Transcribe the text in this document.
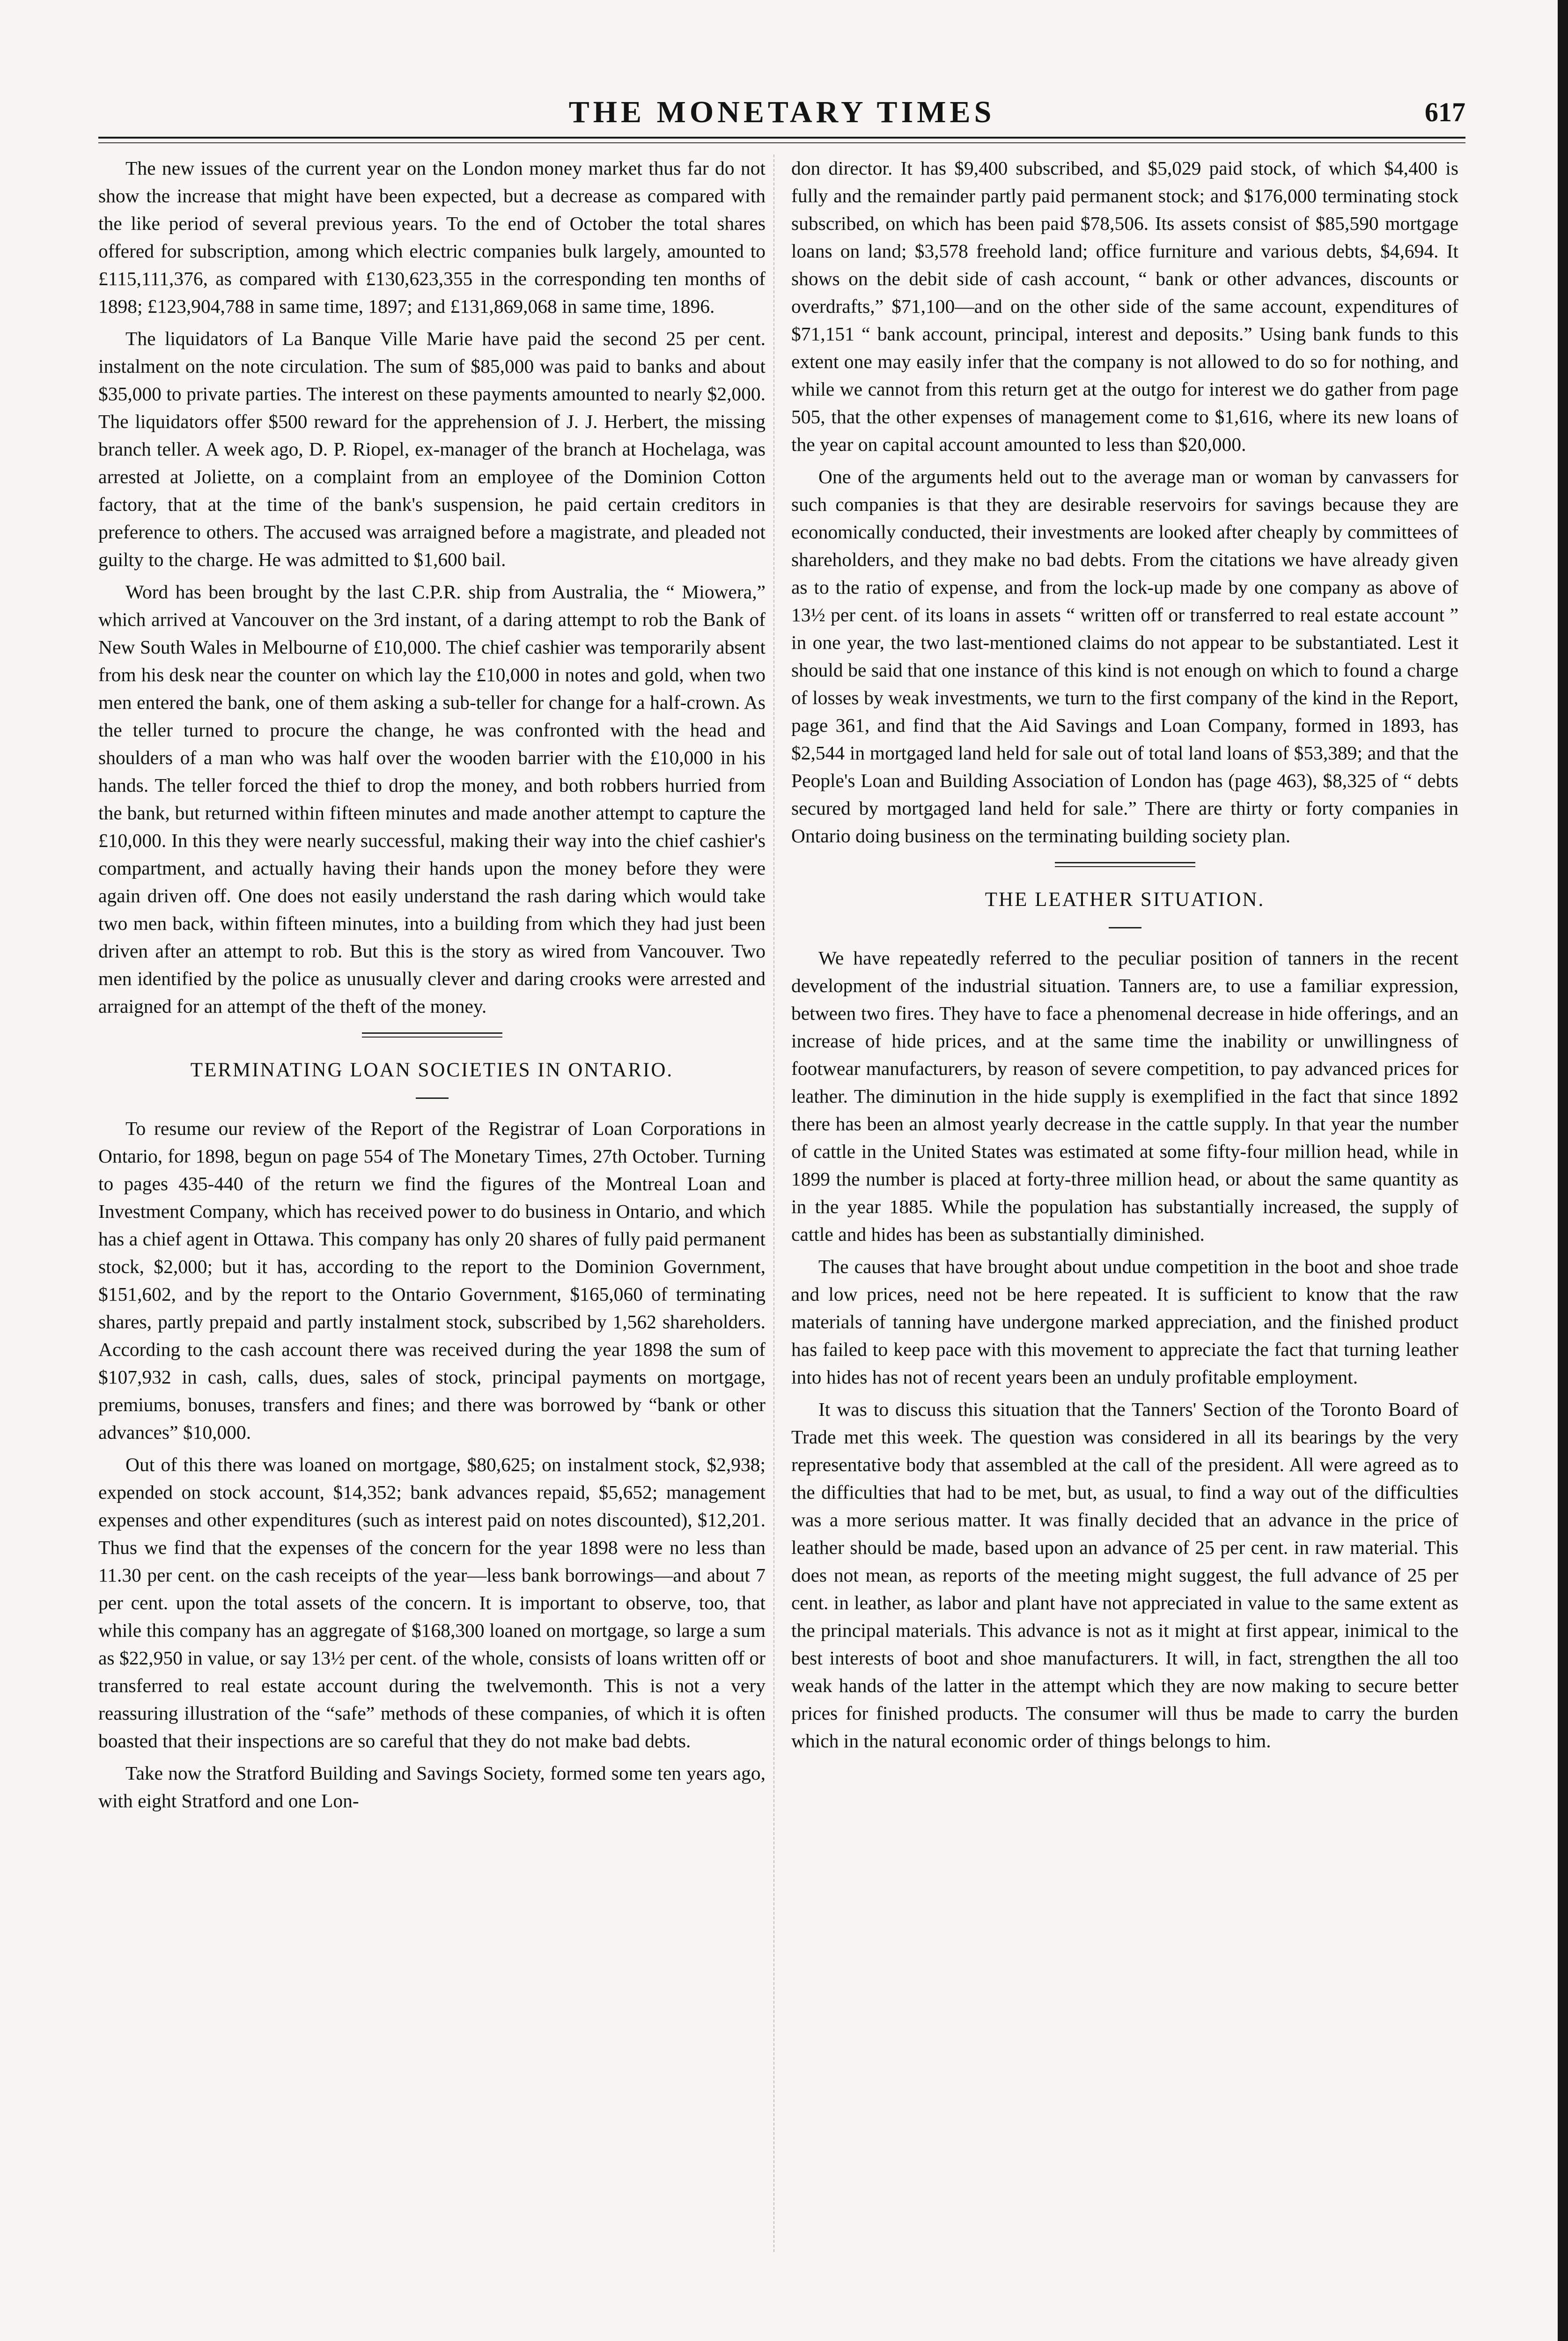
THE MONETARY TIMES	617

The new issues of the current year on the London money market thus far do not show the increase that might have been expected, but a decrease as compared with the like period of several previous years. To the end of October the total shares offered for subscription, among which electric companies bulk largely, amounted to £115,111,376, as compared with £130,623,355 in the corresponding ten months of 1898; £123,904,788 in same time, 1897; and £131,869,068 in same time, 1896.

The liquidators of La Banque Ville Marie have paid the second 25 per cent. instalment on the note circulation. The sum of $85,000 was paid to banks and about $35,000 to private parties. The interest on these payments amounted to nearly $2,000. The liquidators offer $500 reward for the apprehension of J. J. Herbert, the missing branch teller. A week ago, D. P. Riopel, ex-manager of the branch at Hochelaga, was arrested at Joliette, on a complaint from an employee of the Dominion Cotton factory, that at the time of the bank's suspension, he paid certain creditors in preference to others. The accused was arraigned before a magistrate, and pleaded not guilty to the charge. He was admitted to $1,600 bail.

Word has been brought by the last C.P.R. ship from Australia, the “ Miowera,” which arrived at Vancouver on the 3rd instant, of a daring attempt to rob the Bank of New South Wales in Melbourne of £10,000. The chief cashier was temporarily absent from his desk near the counter on which lay the £10,000 in notes and gold, when two men entered the bank, one of them asking a sub-teller for change for a half-crown. As the teller turned to procure the change, he was confronted with the head and shoulders of a man who was half over the wooden barrier with the £10,000 in his hands. The teller forced the thief to drop the money, and both robbers hurried from the bank, but returned within fifteen minutes and made another attempt to capture the £10,000. In this they were nearly successful, making their way into the chief cashier's compartment, and actually having their hands upon the money before they were again driven off. One does not easily understand the rash daring which would take two men back, within fifteen minutes, into a building from which they had just been driven after an attempt to rob. But this is the story as wired from Vancouver. Two men identified by the police as unusually clever and daring crooks were arrested and arraigned for an attempt of the theft of the money.

TERMINATING LOAN SOCIETIES IN ONTARIO.

To resume our review of the Report of the Registrar of Loan Corporations in Ontario, for 1898, begun on page 554 of The Monetary Times, 27th October. Turning to pages 435-440 of the return we find the figures of the Montreal Loan and Investment Company, which has received power to do business in Ontario, and which has a chief agent in Ottawa. This company has only 20 shares of fully paid permanent stock, $2,000; but it has, according to the report to the Dominion Government, $151,602, and by the report to the Ontario Government, $165,060 of terminating shares, partly prepaid and partly instalment stock, subscribed by 1,562 shareholders. According to the cash account there was received during the year 1898 the sum of $107,932 in cash, calls, dues, sales of stock, principal payments on mortgage, premiums, bonuses, transfers and fines; and there was borrowed by “bank or other advances” $10,000.

Out of this there was loaned on mortgage, $80,625; on instalment stock, $2,938; expended on stock account, $14,352; bank advances repaid, $5,652; management expenses and other expenditures (such as interest paid on notes discounted), $12,201. Thus we find that the expenses of the concern for the year 1898 were no less than 11.30 per cent. on the cash receipts of the year—less bank borrowings—and about 7 per cent. upon the total assets of the concern. It is important to observe, too, that while this company has an aggregate of $168,300 loaned on mortgage, so large a sum as $22,950 in value, or say 13½ per cent. of the whole, consists of loans written off or transferred to real estate account during the twelvemonth. This is not a very reassuring illustration of the “safe” methods of these companies, of which it is often boasted that their inspections are so careful that they do not make bad debts.

Take now the Stratford Building and Savings Society, formed some ten years ago, with eight Stratford and one Lon-

don director. It has $9,400 subscribed, and $5,029 paid stock, of which $4,400 is fully and the remainder partly paid permanent stock; and $176,000 terminating stock subscribed, on which has been paid $78,506. Its assets consist of $85,590 mortgage loans on land; $3,578 freehold land; office furniture and various debts, $4,694. It shows on the debit side of cash account, “ bank or other advances, discounts or overdrafts,” $71,100—and on the other side of the same account, expenditures of $71,151 “ bank account, principal, interest and deposits.” Using bank funds to this extent one may easily infer that the company is not allowed to do so for nothing, and while we cannot from this return get at the outgo for interest we do gather from page 505, that the other expenses of management come to $1,616, where its new loans of the year on capital account amounted to less than $20,000.

One of the arguments held out to the average man or woman by canvassers for such companies is that they are desirable reservoirs for savings because they are economically conducted, their investments are looked after cheaply by committees of shareholders, and they make no bad debts. From the citations we have already given as to the ratio of expense, and from the lock-up made by one company as above of 13½ per cent. of its loans in assets “ written off or transferred to real estate account ” in one year, the two last-mentioned claims do not appear to be substantiated. Lest it should be said that one instance of this kind is not enough on which to found a charge of losses by weak investments, we turn to the first company of the kind in the Report, page 361, and find that the Aid Savings and Loan Company, formed in 1893, has $2,544 in mortgaged land held for sale out of total land loans of $53,389; and that the People's Loan and Building Association of London has (page 463), $8,325 of “ debts secured by mortgaged land held for sale.” There are thirty or forty companies in Ontario doing business on the terminating building society plan.

THE LEATHER SITUATION.

We have repeatedly referred to the peculiar position of tanners in the recent development of the industrial situation. Tanners are, to use a familiar expression, between two fires. They have to face a phenomenal decrease in hide offerings, and an increase of hide prices, and at the same time the inability or unwillingness of footwear manufacturers, by reason of severe competition, to pay advanced prices for leather. The diminution in the hide supply is exemplified in the fact that since 1892 there has been an almost yearly decrease in the cattle supply. In that year the number of cattle in the United States was estimated at some fifty-four million head, while in 1899 the number is placed at forty-three million head, or about the same quantity as in the year 1885. While the population has substantially increased, the supply of cattle and hides has been as substantially diminished.

The causes that have brought about undue competition in the boot and shoe trade and low prices, need not be here repeated. It is sufficient to know that the raw materials of tanning have undergone marked appreciation, and the finished product has failed to keep pace with this movement to appreciate the fact that turning leather into hides has not of recent years been an unduly profitable employment.

It was to discuss this situation that the Tanners' Section of the Toronto Board of Trade met this week. The question was considered in all its bearings by the very representative body that assembled at the call of the president. All were agreed as to the difficulties that had to be met, but, as usual, to find a way out of the difficulties was a more serious matter. It was finally decided that an advance in the price of leather should be made, based upon an advance of 25 per cent. in raw material. This does not mean, as reports of the meeting might suggest, the full advance of 25 per cent. in leather, as labor and plant have not appreciated in value to the same extent as the principal materials. This advance is not as it might at first appear, inimical to the best interests of boot and shoe manufacturers. It will, in fact, strengthen the all too weak hands of the latter in the attempt which they are now making to secure better prices for finished products. The consumer will thus be made to carry the burden which in the natural economic order of things belongs to him.
